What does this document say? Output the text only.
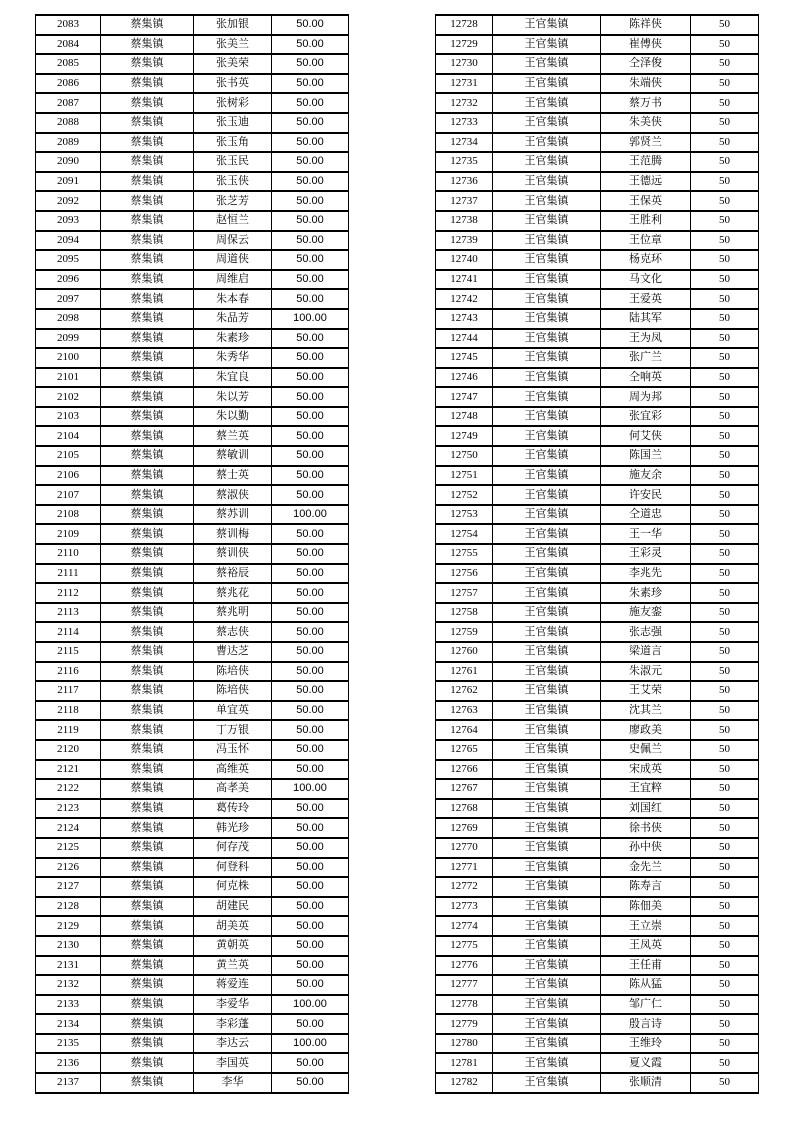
2083	蔡集镇	张加银	50.00
2084	蔡集镇	张美兰	50.00
2085	蔡集镇	张美荣	50.00
2086	蔡集镇	张书英	50.00
2087	蔡集镇	张树彩	50.00
2088	蔡集镇	张玉迪	50.00
2089	蔡集镇	张玉角	50.00
2090	蔡集镇	张玉民	50.00
2091	蔡集镇	张玉侠	50.00
2092	蔡集镇	张芝芳	50.00
2093	蔡集镇	赵恒兰	50.00
2094	蔡集镇	周保云	50.00
2095	蔡集镇	周道侠	50.00
2096	蔡集镇	周维启	50.00
2097	蔡集镇	朱本春	50.00
2098	蔡集镇	朱品芳	100.00
2099	蔡集镇	朱素珍	50.00
2100	蔡集镇	朱秀华	50.00
2101	蔡集镇	朱宜良	50.00
2102	蔡集镇	朱以芳	50.00
2103	蔡集镇	朱以勤	50.00
2104	蔡集镇	蔡兰英	50.00
2105	蔡集镇	蔡敏训	50.00
2106	蔡集镇	蔡士英	50.00
2107	蔡集镇	蔡淑侠	50.00
2108	蔡集镇	蔡苏训	100.00
2109	蔡集镇	蔡训梅	50.00
2110	蔡集镇	蔡训侠	50.00
2111	蔡集镇	蔡裕辰	50.00
2112	蔡集镇	蔡兆花	50.00
2113	蔡集镇	蔡兆明	50.00
2114	蔡集镇	蔡志侠	50.00
2115	蔡集镇	曹达芝	50.00
2116	蔡集镇	陈培侠	50.00
2117	蔡集镇	陈培侠	50.00
2118	蔡集镇	单宜英	50.00
2119	蔡集镇	丁万银	50.00
2120	蔡集镇	冯玉怀	50.00
2121	蔡集镇	高维英	50.00
2122	蔡集镇	高孝美	100.00
2123	蔡集镇	葛传玲	50.00
2124	蔡集镇	韩光珍	50.00
2125	蔡集镇	何存茂	50.00
2126	蔡集镇	何登科	50.00
2127	蔡集镇	何克株	50.00
2128	蔡集镇	胡建民	50.00
2129	蔡集镇	胡美英	50.00
2130	蔡集镇	黄朝英	50.00
2131	蔡集镇	黄兰英	50.00
2132	蔡集镇	蒋爱连	50.00
2133	蔡集镇	李爱华	100.00
2134	蔡集镇	李彩蓬	50.00
2135	蔡集镇	李达云	100.00
2136	蔡集镇	李国英	50.00
2137	蔡集镇	李华	50.00
12728	王官集镇	陈祥侠	50
12729	王官集镇	崔傅侠	50
12730	王官集镇	仝泽俊	50
12731	王官集镇	朱端侠	50
12732	王官集镇	蔡万书	50
12733	王官集镇	朱美侠	50
12734	王官集镇	郭贤兰	50
12735	王官集镇	王范腾	50
12736	王官集镇	王德远	50
12737	王官集镇	王保英	50
12738	王官集镇	王胜利	50
12739	王官集镇	王位章	50
12740	王官集镇	杨克环	50
12741	王官集镇	马文化	50
12742	王官集镇	王爱英	50
12743	王官集镇	陆其军	50
12744	王官集镇	王为凤	50
12745	王官集镇	张广兰	50
12746	王官集镇	仝响英	50
12747	王官集镇	周为邦	50
12748	王官集镇	张宜彩	50
12749	王官集镇	何艾侠	50
12750	王官集镇	陈国兰	50
12751	王官集镇	施友余	50
12752	王官集镇	许安民	50
12753	王官集镇	仝道忠	50
12754	王官集镇	王一华	50
12755	王官集镇	王彩灵	50
12756	王官集镇	李兆先	50
12757	王官集镇	朱素珍	50
12758	王官集镇	施友銮	50
12759	王官集镇	张志强	50
12760	王官集镇	梁道言	50
12761	王官集镇	朱淑元	50
12762	王官集镇	王艾荣	50
12763	王官集镇	沈其兰	50
12764	王官集镇	廖政美	50
12765	王官集镇	史佩兰	50
12766	王官集镇	宋成英	50
12767	王官集镇	王宜粹	50
12768	王官集镇	刘国红	50
12769	王官集镇	徐书侠	50
12770	王官集镇	孙中侠	50
12771	王官集镇	金先兰	50
12772	王官集镇	陈寿言	50
12773	王官集镇	陈佃美	50
12774	王官集镇	王立崇	50
12775	王官集镇	王凤英	50
12776	王官集镇	王任甫	50
12777	王官集镇	陈从猛	50
12778	王官集镇	邹广仁	50
12779	王官集镇	殷言诗	50
12780	王官集镇	王维玲	50
12781	王官集镇	夏义霞	50
12782	王官集镇	张顺清	50
